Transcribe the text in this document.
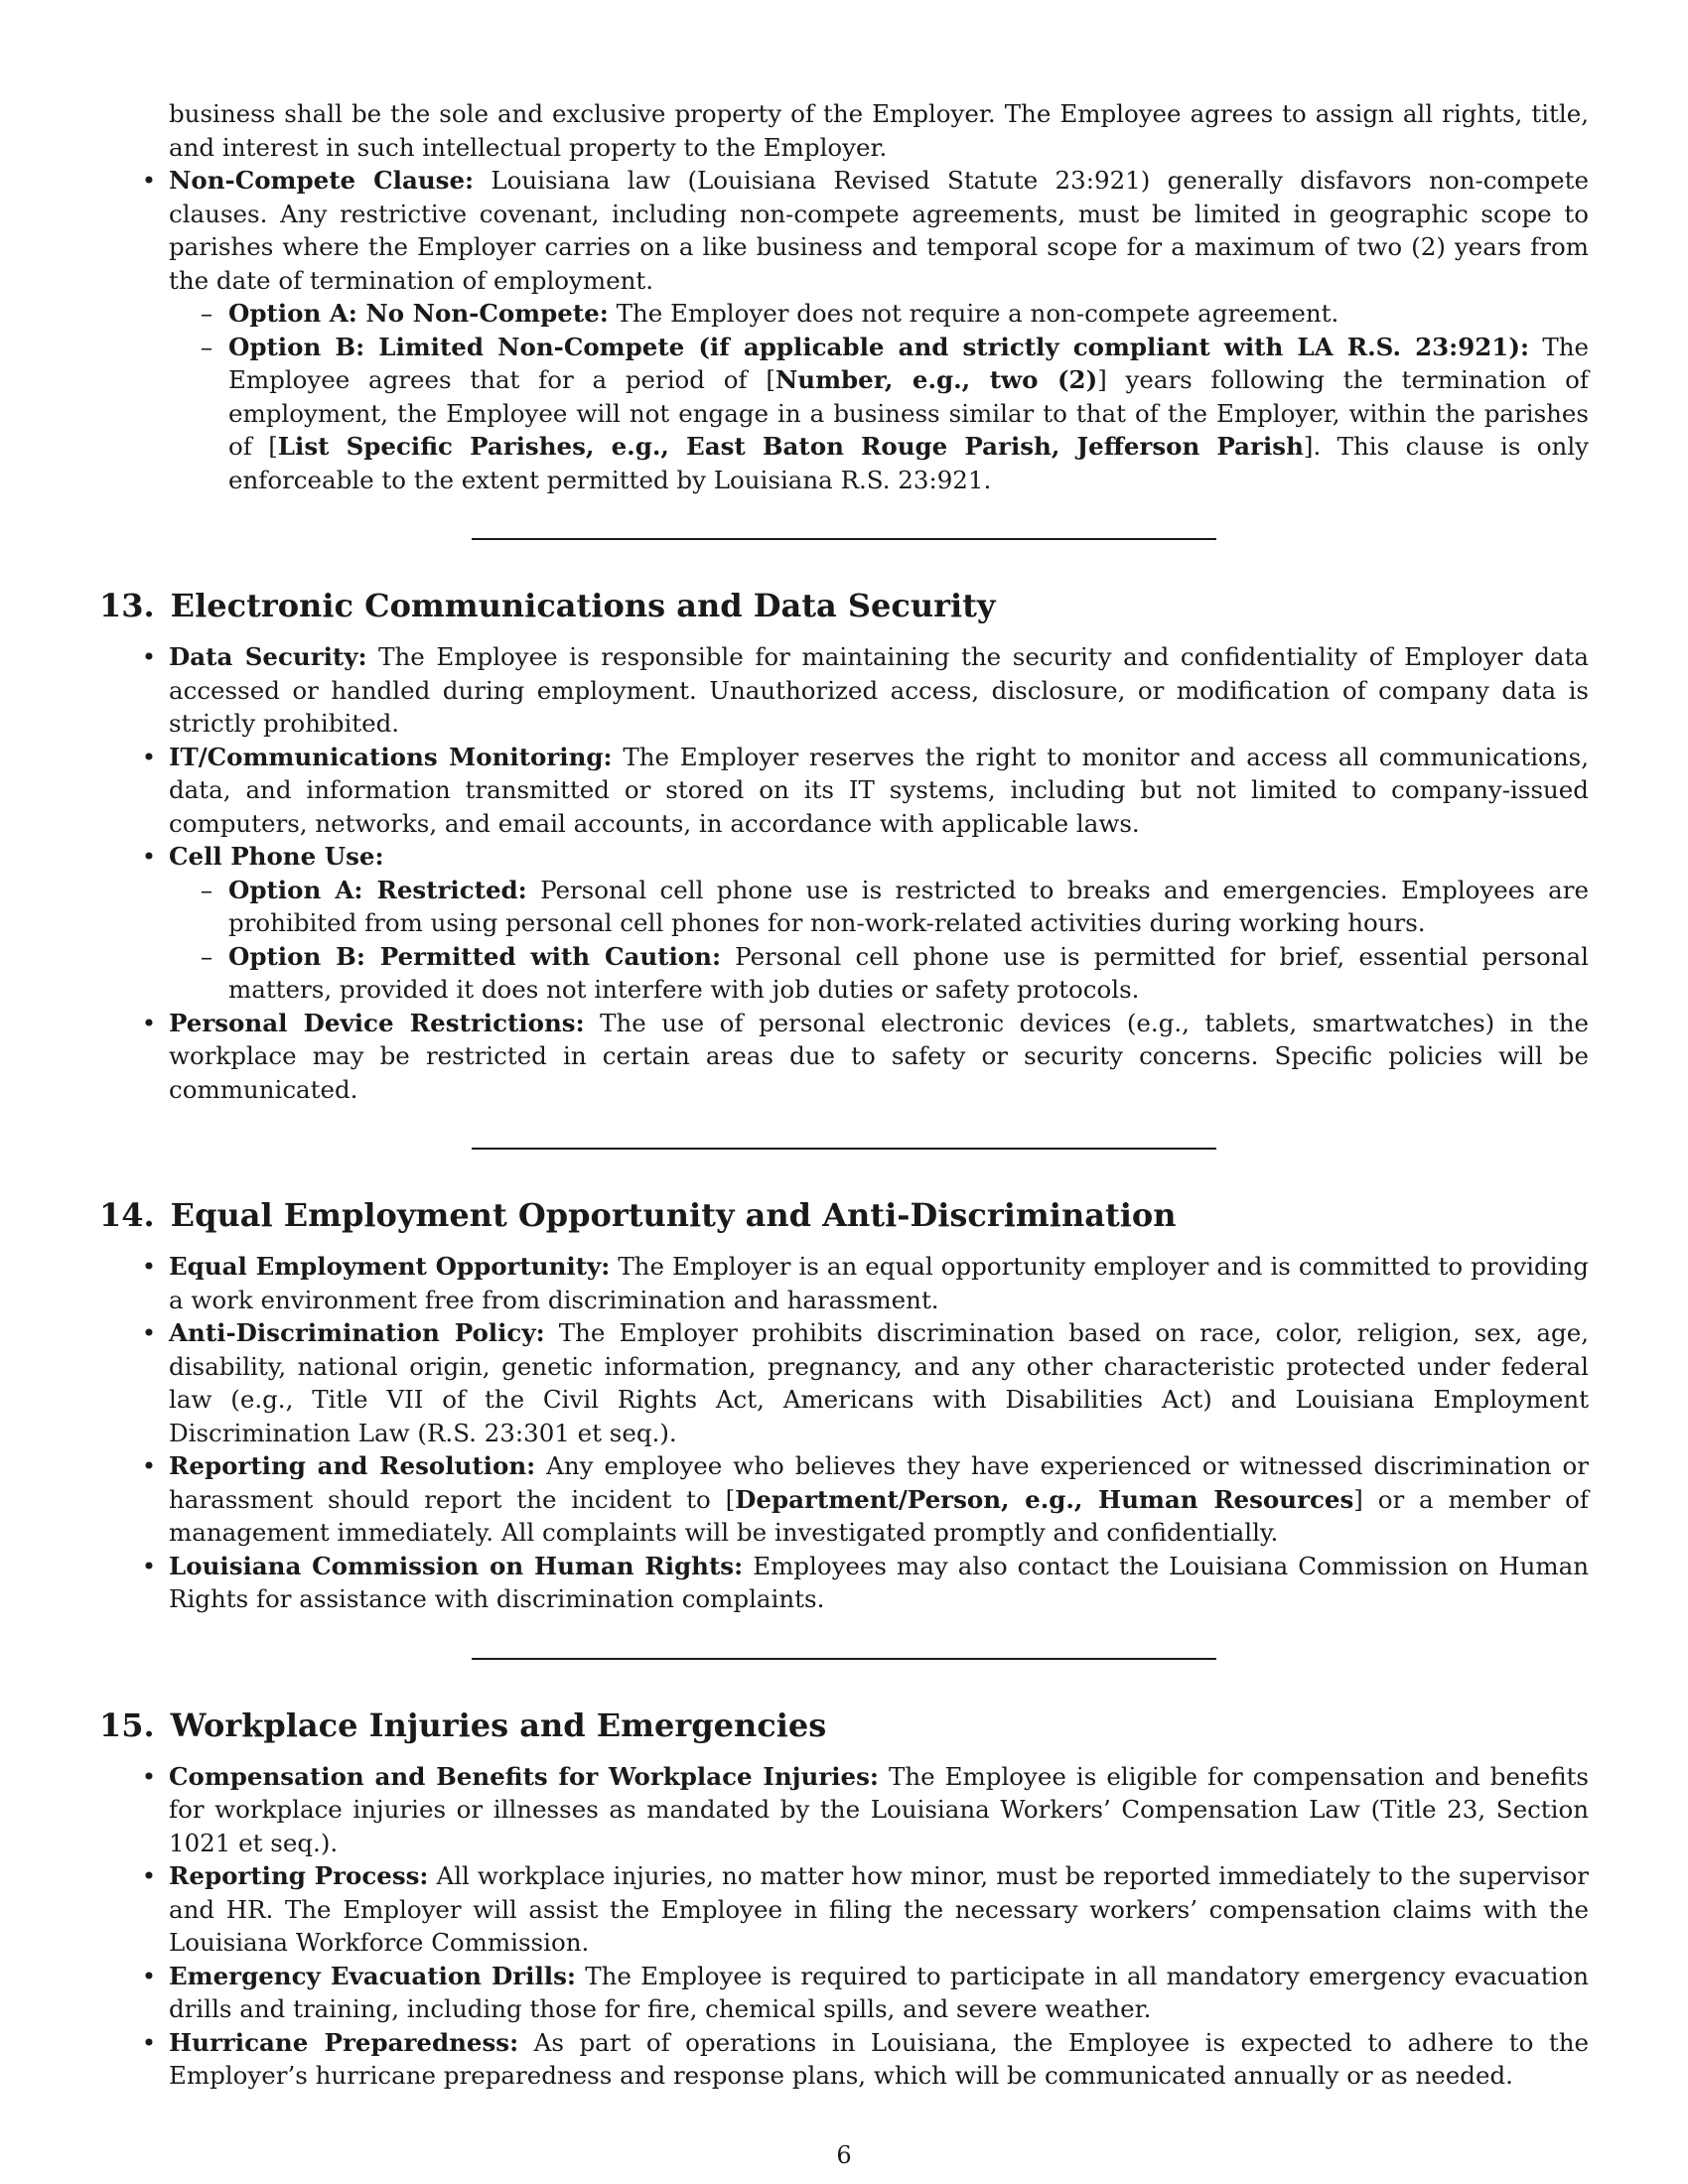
business shall be the sole and exclusive property of the Employer. The Employee agrees to assign all rights, title, and interest in such intellectual property to the Employer.

• Non-Compete Clause: Louisiana law (Louisiana Revised Statute 23:921) generally disfavors non-compete clauses. Any restrictive covenant, including non-compete agreements, must be limited in geographic scope to parishes where the Employer carries on a like business and temporal scope for a maximum of two (2) years from the date of termination of employment.
– Option A: No Non-Compete: The Employer does not require a non-compete agreement.
– Option B: Limited Non-Compete (if applicable and strictly compliant with LA R.S. 23:921): The Employee agrees that for a period of [Number, e.g., two (2)] years following the termination of employment, the Employee will not engage in a business similar to that of the Employer, within the parishes of [List Specific Parishes, e.g., East Baton Rouge Parish, Jefferson Parish]. This clause is only enforceable to the extent permitted by Louisiana R.S. 23:921.
13. Electronic Communications and Data Security
• Data Security: The Employee is responsible for maintaining the security and confidentiality of Employer data accessed or handled during employment. Unauthorized access, disclosure, or modification of company data is strictly prohibited.
• IT/Communications Monitoring: The Employer reserves the right to monitor and access all communications, data, and information transmitted or stored on its IT systems, including but not limited to company-issued computers, networks, and email accounts, in accordance with applicable laws.
• Cell Phone Use:
– Option A: Restricted: Personal cell phone use is restricted to breaks and emergencies. Employees are prohibited from using personal cell phones for non-work-related activities during working hours.
– Option B: Permitted with Caution: Personal cell phone use is permitted for brief, essential personal matters, provided it does not interfere with job duties or safety protocols.
• Personal Device Restrictions: The use of personal electronic devices (e.g., tablets, smartwatches) in the workplace may be restricted in certain areas due to safety or security concerns. Specific policies will be communicated.
14. Equal Employment Opportunity and Anti-Discrimination
• Equal Employment Opportunity: The Employer is an equal opportunity employer and is committed to providing a work environment free from discrimination and harassment.
• Anti-Discrimination Policy: The Employer prohibits discrimination based on race, color, religion, sex, age, disability, national origin, genetic information, pregnancy, and any other characteristic protected under federal law (e.g., Title VII of the Civil Rights Act, Americans with Disabilities Act) and Louisiana Employment Discrimination Law (R.S. 23:301 et seq.).
• Reporting and Resolution: Any employee who believes they have experienced or witnessed discrimination or harassment should report the incident to [Department/Person, e.g., Human Resources] or a member of management immediately. All complaints will be investigated promptly and confidentially.
• Louisiana Commission on Human Rights: Employees may also contact the Louisiana Commission on Human Rights for assistance with discrimination complaints.
15. Workplace Injuries and Emergencies
• Compensation and Benefits for Workplace Injuries: The Employee is eligible for compensation and benefits for workplace injuries or illnesses as mandated by the Louisiana Workers’ Compensation Law (Title 23, Section 1021 et seq.).
• Reporting Process: All workplace injuries, no matter how minor, must be reported immediately to the supervisor and HR. The Employer will assist the Employee in filing the necessary workers’ compensation claims with the Louisiana Workforce Commission.
• Emergency Evacuation Drills: The Employee is required to participate in all mandatory emergency evacuation drills and training, including those for fire, chemical spills, and severe weather.
• Hurricane Preparedness: As part of operations in Louisiana, the Employee is expected to adhere to the Employer’s hurricane preparedness and response plans, which will be communicated annually or as needed.
6
